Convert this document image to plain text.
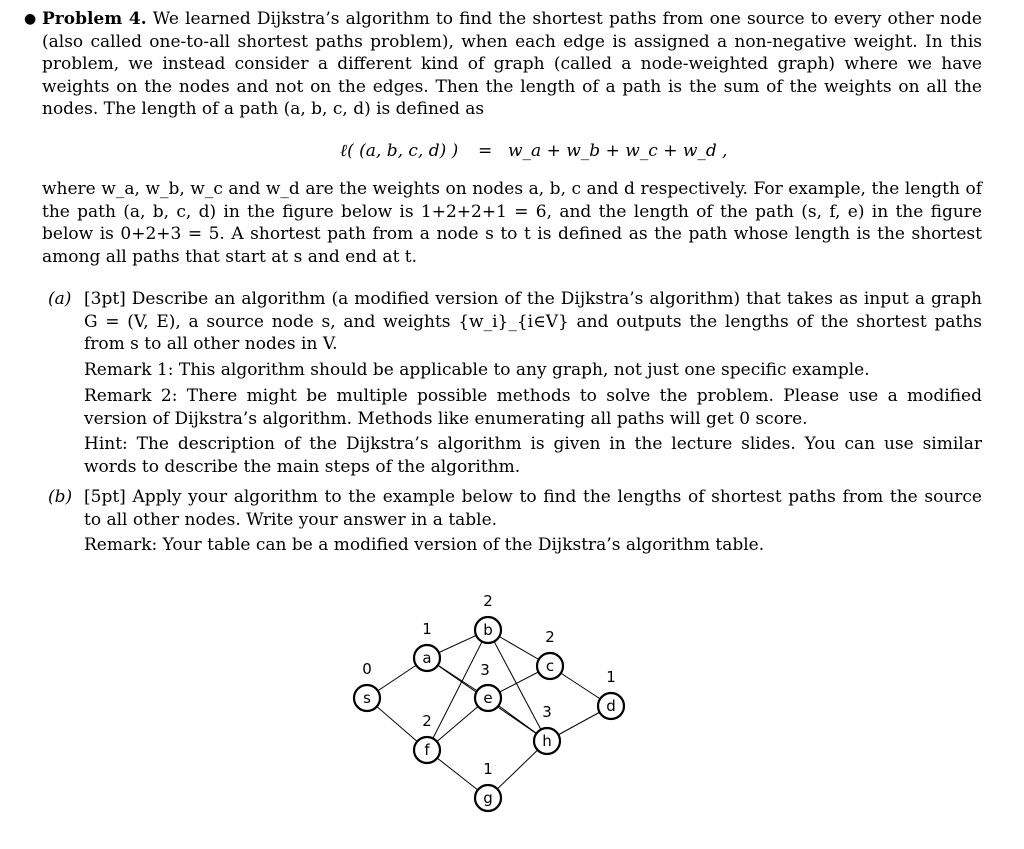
● Problem 4. We learned Dijkstra’s algorithm to find the shortest paths from one source to every other node (also called one-to-all shortest paths problem), when each edge is assigned a non-negative weight. In this problem, we instead consider a different kind of graph (called a node-weighted graph) where we have weights on the nodes and not on the edges. Then the length of a path is the sum of the weights on all the nodes. The length of a path (a, b, c, d) is defined as
ℓ( (a, b, c, d) ) = w_a + w_b + w_c + w_d ,
where w_a, w_b, w_c and w_d are the weights on nodes a, b, c and d respectively. For example, the length of the path (a, b, c, d) in the figure below is 1+2+2+1 = 6, and the length of the path (s, f, e) in the figure below is 0+2+3 = 5. A shortest path from a node s to t is defined as the path whose length is the shortest among all paths that start at s and end at t.
(a) [3pt] Describe an algorithm (a modified version of the Dijkstra’s algorithm) that takes as input a graph G = (V, E), a source node s, and weights {w_i}_{i∈V} and outputs the lengths of the shortest paths from s to all other nodes in V.
Remark 1: This algorithm should be applicable to any graph, not just one specific example.
Remark 2: There might be multiple possible methods to solve the problem. Please use a modified version of Dijkstra’s algorithm. Methods like enumerating all paths will get 0 score.
Hint: The description of the Dijkstra’s algorithm is given in the lecture slides. You can use similar words to describe the main steps of the algorithm.
(b) [5pt] Apply your algorithm to the example below to find the lengths of shortest paths from the source to all other nodes. Write your answer in a table.
Remark: Your table can be a modified version of the Dijkstra’s algorithm table.
s
0
a
1	b
2
c
2
d
1
e
3
f
2
g
1
h
3
